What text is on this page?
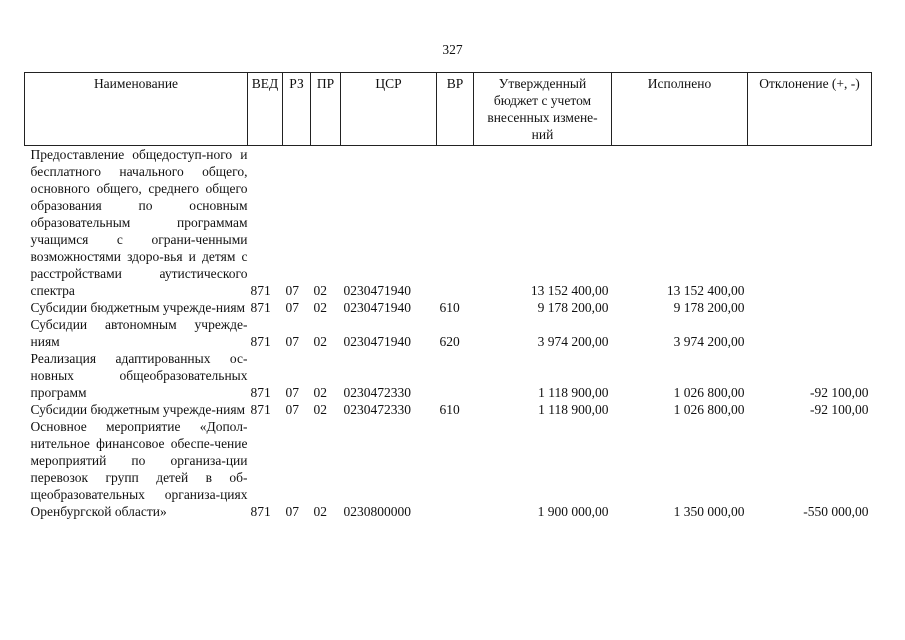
327
Наименование	ВЕД	РЗ	ПР	ЦСР	ВР	Утвержденный бюджет с учетом внесенных измене-ний	Исполнено	Отклонение (+, -)
Предоставление общедоступ-ного и бесплатного начального общего, основного общего, среднего общего образования по основным образовательным программам учащимся с ограни-ченными возможностями здоро-вья и детям с расстройствами аутистического спектра	871	07	02	0230471940		13 152 400,00	13 152 400,00	
Субсидии бюджетным учрежде-ниям	871	07	02	0230471940	610	9 178 200,00	9 178 200,00	
Субсидии автономным учрежде-ниям	871	07	02	0230471940	620	3 974 200,00	3 974 200,00	
Реализация адаптированных ос-новных общеобразовательных программ	871	07	02	0230472330		1 118 900,00	1 026 800,00	-92 100,00
Субсидии бюджетным учрежде-ниям	871	07	02	0230472330	610	1 118 900,00	1 026 800,00	-92 100,00
Основное мероприятие «Допол-нительное финансовое обеспе-чение мероприятий по организа-ции перевозок групп детей в об-щеобразовательных организа-циях Оренбургской области»	871	07	02	0230800000		1 900 000,00	1 350 000,00	-550 000,00
